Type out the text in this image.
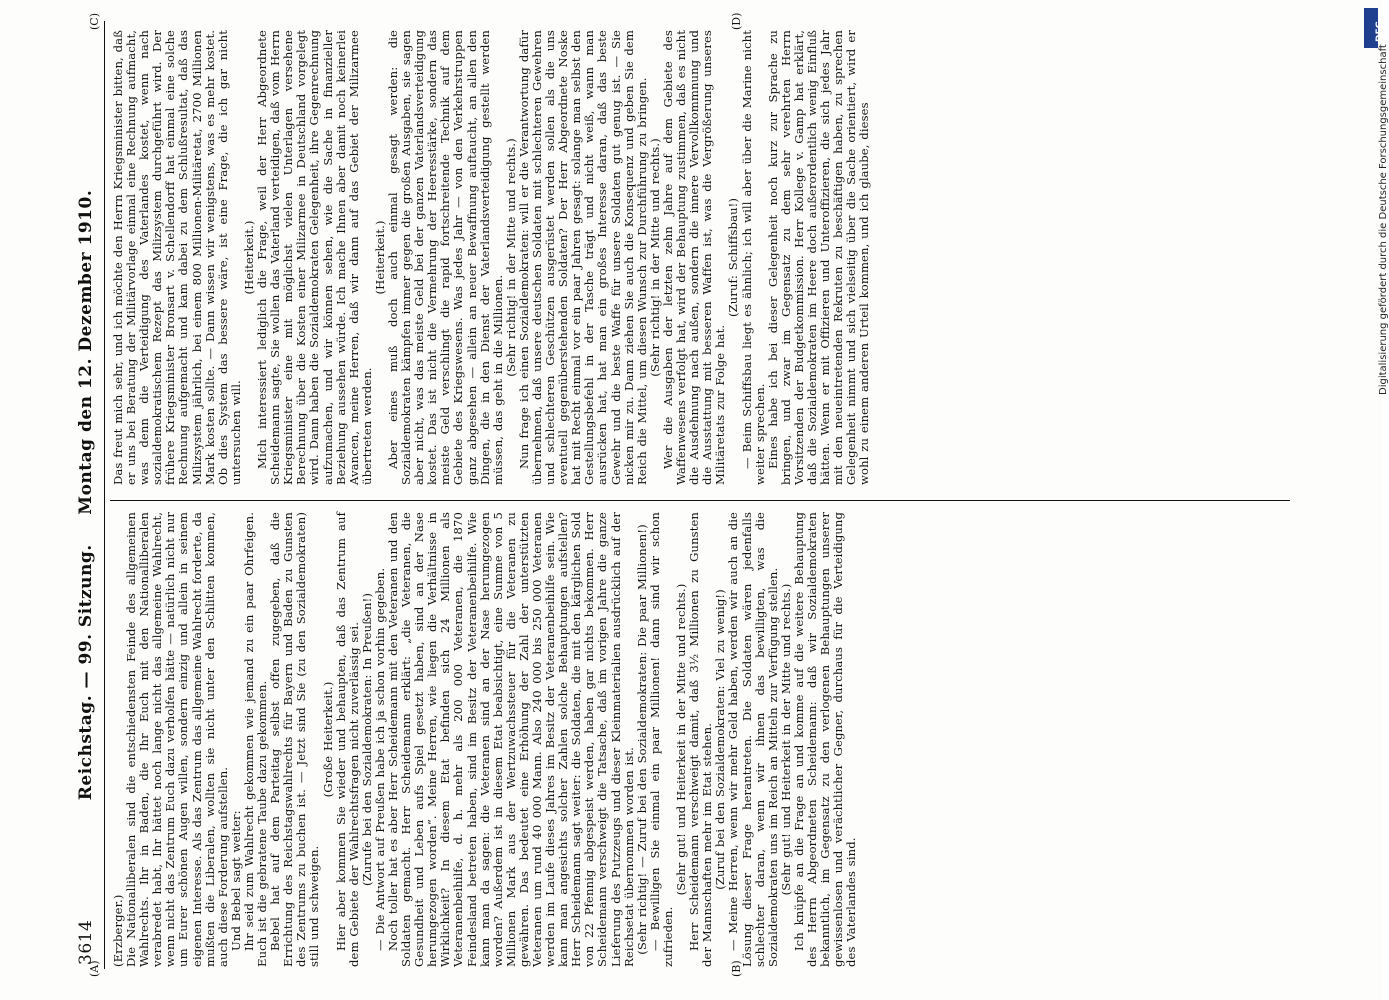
3614
Reichstag. — 99. Sitzung.     Montag den 12. Dezember 1910.
(A)	(B)
(C)	(D)

(Erzberger.) Die Nationalliberalen sind die entschiedensten Feinde des allgemeinen Wahlrechts. Ihr in Baden, die Ihr Euch mit den Nationalliberalen verabredet habt, Ihr hättet noch lange nicht das allgemeine Wahlrecht, wenn nicht das Zentrum Euch dazu verholfen hätte — natürlich nicht nur um Eurer schönen Augen willen, sondern einzig und allein in seinem eigenen Interesse. Als das Zentrum das allgemeine Wahlrecht forderte, da mußten die Liberalen, wollten sie nicht unter den Schlitten kommen, auch diese Forderung aufstellen. Und Bebel sagt weiter: Ihr seid zum Wahlrecht gekommen wie jemand zu ein paar Ohrfeigen. Euch ist die gebratene Taube dazu gekommen. Bebel hat auf dem Parteitag selbst offen zugegeben, daß die Errichtung des Reichstagswahlrechts für Bayern und Baden zu Gunsten des Zentrums zu buchen ist. — Jetzt sind Sie (zu den Sozialdemokraten) still und schweigen.

(Große Heiterkeit.) Hier aber kommen Sie wieder und behaupten, daß das Zentrum auf dem Gebiete der Wahlrechtsfragen nicht zuverlässig sei. (Zurufe bei den Sozialdemokraten: In Preußen!) — Die Antwort auf Preußen habe ich ja schon vorhin gegeben. Noch toller hat es aber Herr Scheidemann mit den Veteranen und den Soldaten gemacht. Herr Scheidemann erklärt: „die Veteranen, die Gesundheit und Leben aufs Spiel gesetzt haben, sind an der Nase herumgezogen worden“. Meine Herren, wie liegen die Verhältnisse in Wirklichkeit? In diesem Etat befinden sich 24 Millionen als Veteranenbeihilfe, d. h. mehr als 200 000 Veteranen, die 1870 Feindesland betreten haben, sind im Besitz der Veteranenbeihilfe. Wie kann man da sagen: die Veteranen sind an der Nase herumgezogen worden? Außerdem ist in diesem Etat beabsichtigt, eine Summe von 5 Millionen Mark aus der Wertzuwachssteuer für die Veteranen zu gewähren. Das bedeutet eine Erhöhung der Zahl der unterstützten Veteranen um rund 40 000 Mann. Also 240 000 bis 250 000 Veteranen werden im Laufe dieses Jahres im Besitz der Veteranenbeihilfe sein. Wie kann man angesichts solcher Zahlen solche Behauptungen aufstellen? Herr Scheidemann sagt weiter: die Soldaten, die mit den kärglichen Sold von 22 Pfennig abgespeist werden, haben gar nichts bekommen. Herr Scheidemann verschweigt die Tatsache, daß im vorigen Jahre die ganze Lieferung des Putzzeugs und dieser Kleinmaterialien ausdrücklich auf der Reichsetat übernommen worden ist. (Sehr richtig! — Zuruf bei den Sozialdemokraten: Die paar Millionen!) — Bewilligen Sie einmal ein paar Millionen! dann sind wir schon zufrieden.

(Sehr gut! und Heiterkeit in der Mitte und rechts.) Herr Scheidemann verschweigt damit, daß 3½ Millionen zu Gunsten der Mannschaften mehr im Etat stehen. (Zuruf bei den Sozialdemokraten: Viel zu wenig!) — Meine Herren, wenn wir mehr Geld haben, werden wir auch an die Lösung dieser Frage herantreten. Die Soldaten wären jedenfalls schlechter daran, wenn wir ihnen das bewilligten, was die Sozialdemokraten uns im Reich an Mitteln zur Verfügung stellen. (Sehr gut! und Heiterkeit in der Mitte und rechts.) Ich knüpfe an die Frage an und komme auf die weitere Behauptung des Herrn Abgeordneten Scheidemann: daß wir Sozialdemokraten bekanntlich, im Gegensatz zu den verlogenen Behauptungen unserer gewissenlosen und verächtlicher Gegner, durchaus für die Verteidigung des Vaterlandes sind.

Das freut mich sehr, und ich möchte den Herrn Kriegsminister bitten, daß er uns bei Beratung der Militärvorlage einmal eine Rechnung aufmacht, was denn die Verteidigung des Vaterlandes kostet, wenn nach sozialdemokratischem Rezept das Milizsystem durchgeführt wird. Der frühere Kriegsminister Bronsart v. Schellendorff hat einmal eine solche Rechnung aufgemacht und kam dabei zu dem Schlußresultat, daß das Milizsystem jährlich, bei einem 800 Millionen-Militäretat, 2700 Millionen Mark kosten sollte. — Dann wissen wir wenigstens, was es mehr kostet. Ob dies System das bessere wäre, ist eine Frage, die ich gar nicht untersuchen will.

(Heiterkeit.) Mich interessiert lediglich die Frage, weil der Herr Abgeordnete Scheidemann sagte, Sie wollen das Vaterland verteidigen, daß vom Herrn Kriegsminister eine mit möglichst vielen Unterlagen versehene Berechnung über die Kosten einer Milizarmee in Deutschland vorgelegt wird. Dann haben die Sozialdemokraten Gelegenheit, ihre Gegenrechnung aufzumachen, und wir können sehen, wie die Sache in finanzieller Beziehung aussehen würde. Ich mache Ihnen aber damit noch keinerlei Avancen, meine Herren, daß wir dann auf das Gebiet der Milizarmee übertreten werden.

(Heiterkeit.) Aber eines muß doch auch einmal gesagt werden: die Sozialdemokraten kämpfen immer gegen die großen Ausgaben, sie sagen aber nicht, was das meiste Geld bei der ganzen Vaterlandsverteidigung kostet. Das ist nicht die Vermehrung der Heeresstärke, sondern das meiste Geld verschlingt die rapid fortschreitende Technik auf dem Gebiete des Kriegswesens. Was jedes Jahr — von den Verkehrstruppen ganz abgesehen — allein an neuer Bewaffnung auftaucht, an allen den Dingen, die in den Dienst der Vaterlandsverteidigung gestellt werden müssen, das geht in die Millionen.

(Sehr richtig! in der Mitte und rechts.) Nun frage ich einen Sozialdemokraten: will er die Verantwortung dafür übernehmen, daß unsere deutschen Soldaten mit schlechteren Gewehren und schlechteren Geschützen ausgerüstet werden sollen als die uns eventuell gegenüberstehenden Soldaten? Der Herr Abgeordnete Noske hat mit Recht einmal vor ein paar Jahren gesagt: solange man selbst den Gestellungsbefehl in der Tasche trägt und nicht weiß, wann man ausrücken hat, hat man ein großes Interesse daran, daß das beste Gewehr und die beste Waffe für unsere Soldaten gut genug ist. — Sie nicken mir zu. Dann ziehen Sie auch die Konsequenz und geben Sie dem Reich die Mittel, um diesen Wunsch zur Durchführung zu bringen. (Sehr richtig! in der Mitte und rechts.) Wer die Ausgaben der letzten zehn Jahre auf dem Gebiete des Waffenwesens verfolgt hat, wird der Behauptung zustimmen, daß es nicht die Ausdehnung nach außen, sondern die innere Vervollkommnung und die Ausstattung mit besseren Waffen ist, was die Vergrößerung unseres Militäretats zur Folge hat.

(Zuruf: Schiffsbau!) — Beim Schiffsbau liegt es ähnlich; ich will aber über die Marine nicht weiter sprechen. Eines habe ich bei dieser Gelegenheit noch kurz zur Sprache zu bringen, und zwar im Gegensatz zu dem sehr verehrten Herrn Vorsitzenden der Budgetkommission. Herr Kollege v. Gamp hat erklärt, daß die Sozialdemokraten im Heere doch außerordentlich wenig Einfluß hätten. Wenn er mit Offizieren und Unteroffizieren, die sich jedes Jahr mit den neueintretenden Rekruten zu beschäftigen haben, zu sprechen Gelegenheit nimmt und sich vielseitig über die Sache orientiert, wird er wohl zu einem anderen Urteil kommen, und ich glaube, dieses

DFG
Digitalisierung gefördert durch die Deutsche Forschungsgemeinschaft
